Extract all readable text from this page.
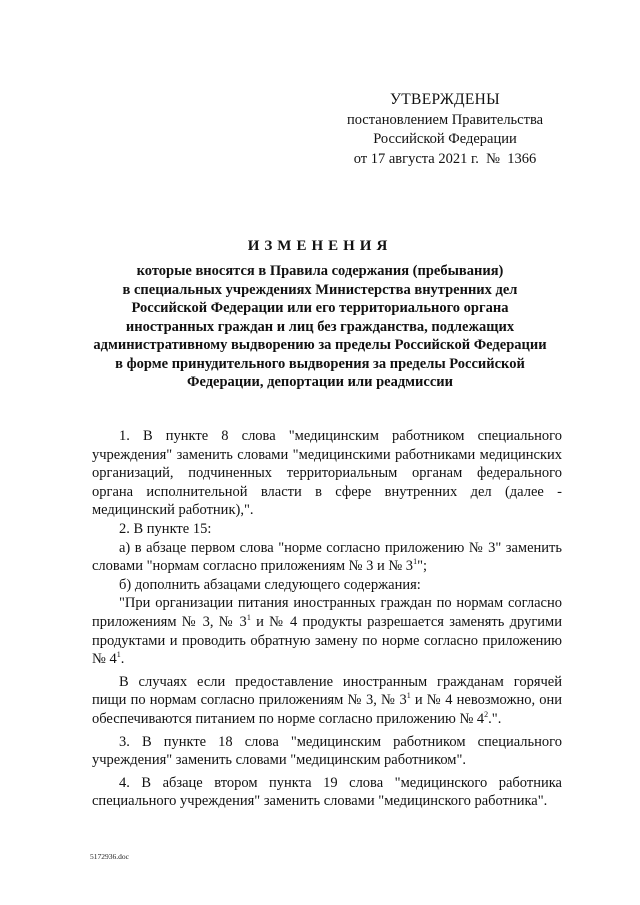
УТВЕРЖДЕНЫ
постановлением Правительства
Российской Федерации
от 17 августа 2021 г. № 1366
ИЗМЕНЕНИЯ
которые вносятся в Правила содержания (пребывания)
в специальных учреждениях Министерства внутренних дел
Российской Федерации или его территориального органа
иностранных граждан и лиц без гражданства, подлежащих
административному выдворению за пределы Российской Федерации
в форме принудительного выдворения за пределы Российской
Федерации, депортации или реадмиссии

1. В пункте 8 слова "медицинским работником специального учреждения" заменить словами "медицинскими работниками медицинских организаций, подчиненных территориальным органам федерального органа исполнительной власти в сфере внутренних дел (далее - медицинский работник),".

2. В пункте 15:

а) в абзаце первом слова "норме согласно приложению № 3" заменить словами "нормам согласно приложениям № 3 и № $3^1$";

б) дополнить абзацами следующего содержания:

"При организации питания иностранных граждан по нормам согласно приложениям № 3, № $3^1$ и № 4 продукты разрешается заменять другими продуктами и проводить обратную замену по норме согласно приложению № $4^1$.

В случаях если предоставление иностранным гражданам горячей пищи по нормам согласно приложениям № 3, № $3^1$ и № 4 невозможно, они обеспечиваются питанием по норме согласно приложению № $4^2$.".

3. В пункте 18 слова "медицинским работником специального учреждения" заменить словами "медицинским работником".

4. В абзаце втором пункта 19 слова "медицинского работника специального учреждения" заменить словами "медицинского работника".

5172936.doc
